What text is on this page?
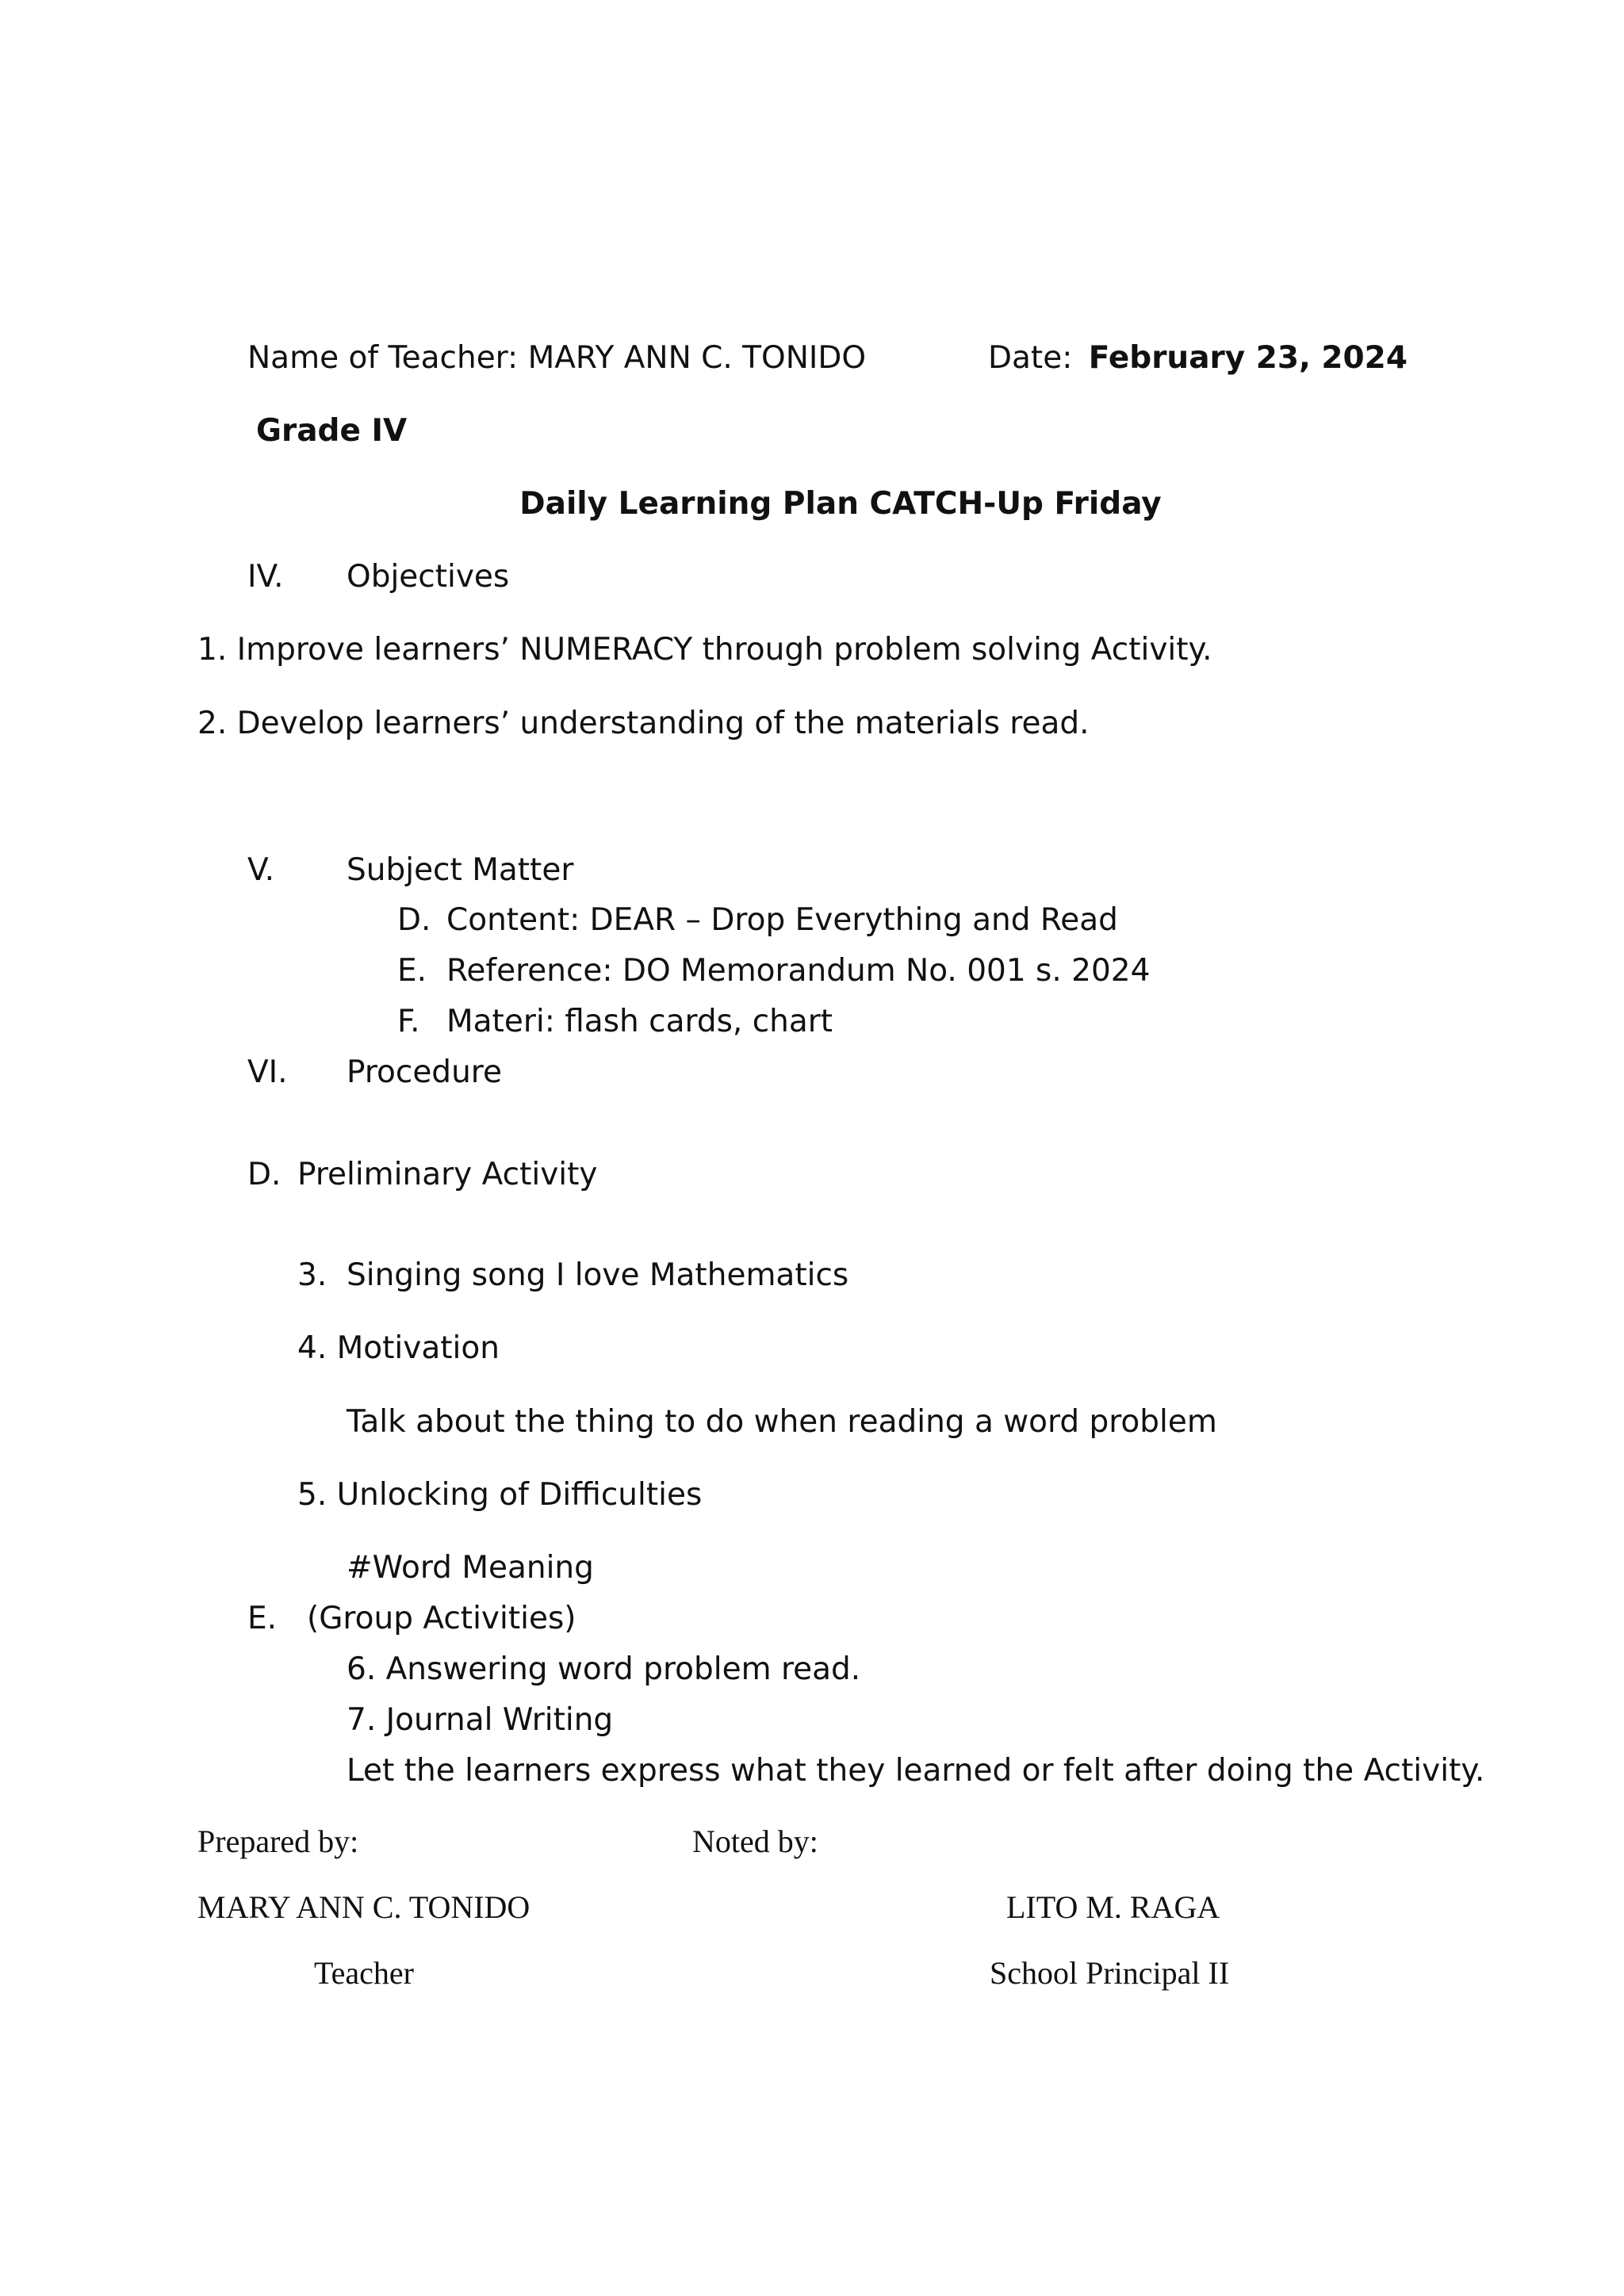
Name of Teacher: MARY ANN C. TONIDO	Date: February 23, 2024
Grade IV
Daily Learning Plan CATCH-Up Friday
IV. Objectives
1. Improve learners’ NUMERACY through problem solving Activity.
2. Develop learners’ understanding of the materials read.
V. Subject Matter
D. Content: DEAR – Drop Everything and Read
E. Reference: DO Memorandum No. 001 s. 2024
F. Materi: flash cards, chart
VI. Procedure
D. Preliminary Activity
3. Singing song I love Mathematics
4. Motivation
Talk about the thing to do when reading a word problem
5. Unlocking of Difficulties
#Word Meaning
E. (Group Activities)
6. Answering word problem read.
7. Journal Writing
Let the learners express what they learned or felt after doing the Activity.
Prepared by:	Noted by:
MARY ANN C. TONIDO	LITO M. RAGA
Teacher	School Principal II
